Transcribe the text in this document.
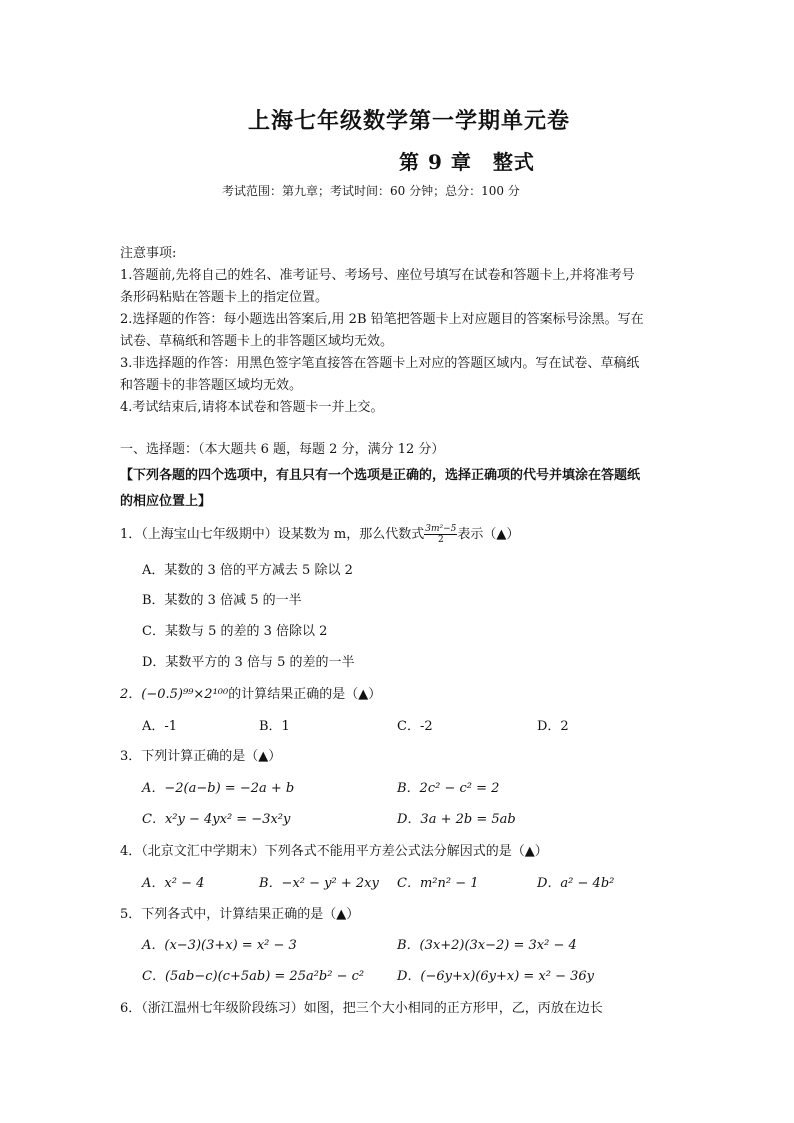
上海七年级数学第一学期单元卷
第 9 章　整式
考试范围：第九章；考试时间：60 分钟；总分：100 分
注意事项:
1.答题前,先将自己的姓名、准考证号、考场号、座位号填写在试卷和答题卡上,并将准考号
条形码粘贴在答题卡上的指定位置。
2.选择题的作答：每小题选出答案后,用 2B 铅笔把答题卡上对应题目的答案标号涂黑。写在
试卷、草稿纸和答题卡上的非答题区域均无效。
3.非选择题的作答：用黑色签字笔直接答在答题卡上对应的答题区域内。写在试卷、草稿纸
和答题卡的非答题区域均无效。
4.考试结束后,请将本试卷和答题卡一并上交。
一、选择题：（本大题共 6 题，每题 2 分，满分 12 分）
【下列各题的四个选项中，有且只有一个选项是正确的，选择正确项的代号并填涂在答题纸
的相应位置上】
1．（上海宝山七年级期中）设某数为 m，那么代数式 $\frac{\text{3m²−5}}{2}$ 表示（▲）
A．某数的 3 倍的平方减去 5 除以 2
B．某数的 3 倍减 5 的一半
C．某数与 5 的差的 3 倍除以 2
D．某数平方的 3 倍与 5 的差的一半
2．(−0.5)⁹⁹×2¹⁰⁰的计算结果正确的是（▲）
A．-1	B．1	C．-2	D．2
3．下列计算正确的是（▲）
A．−2(a−b) = −2a + b	B．2c² − c² = 2
C．x²y − 4yx² = −3x²y	D．3a + 2b = 5ab
4．（北京文汇中学期末）下列各式不能用平方差公式法分解因式的是（▲）
A．x² − 4	B．−x² − y² + 2xy C．m²n² − 1	D．a² − 4b²
5．下列各式中，计算结果正确的是（▲）
A．(x−3)(3+x) = x² − 3	B．(3x+2)(3x−2) = 3x² − 4
C．(5ab−c)(c+5ab) = 25a²b² − c²	D．(−6y+x)(6y+x) = x² − 36y
6．（浙江温州七年级阶段练习）如图，把三个大小相同的正方形甲，乙，丙放在边长
